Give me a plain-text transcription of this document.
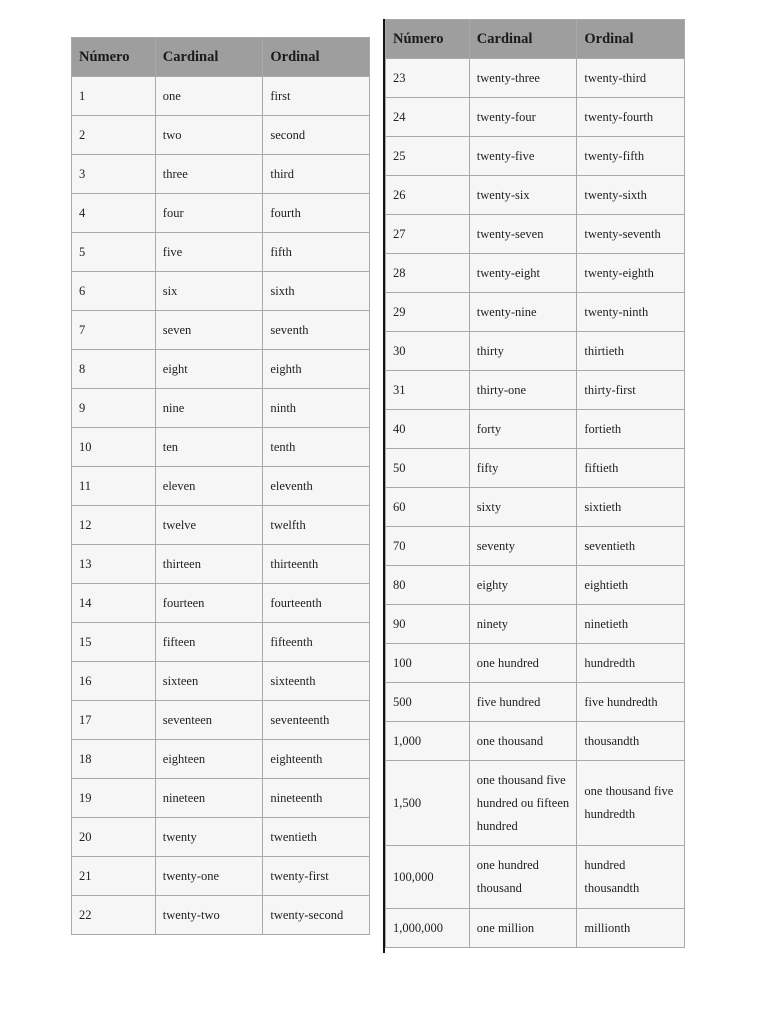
Número	Cardinal	Ordinal
1	one	first
2	two	second
3	three	third
4	four	fourth
5	five	fifth
6	six	sixth
7	seven	seventh
8	eight	eighth
9	nine	ninth
10	ten	tenth
11	eleven	eleventh
12	twelve	twelfth
13	thirteen	thirteenth
14	fourteen	fourteenth
15	fifteen	fifteenth
16	sixteen	sixteenth
17	seventeen	seventeenth
18	eighteen	eighteenth
19	nineteen	nineteenth
20	twenty	twentieth
21	twenty-one	twenty-first
22	twenty-two	twenty-second
Número	Cardinal	Ordinal
23	twenty-three	twenty-third
24	twenty-four	twenty-fourth
25	twenty-five	twenty-fifth
26	twenty-six	twenty-sixth
27	twenty-seven	twenty-seventh
28	twenty-eight	twenty-eighth
29	twenty-nine	twenty-ninth
30	thirty	thirtieth
31	thirty-one	thirty-first
40	forty	fortieth
50	fifty	fiftieth
60	sixty	sixtieth
70	seventy	seventieth
80	eighty	eightieth
90	ninety	ninetieth
100	one hundred	hundredth
500	five hundred	five hundredth
1,000	one thousand	thousandth
1,500	one thousand five hundred ou fifteen hundred	one thousand five hundredth
100,000	one hundred thousand	hundred thousandth
1,000,000	one million	millionth
